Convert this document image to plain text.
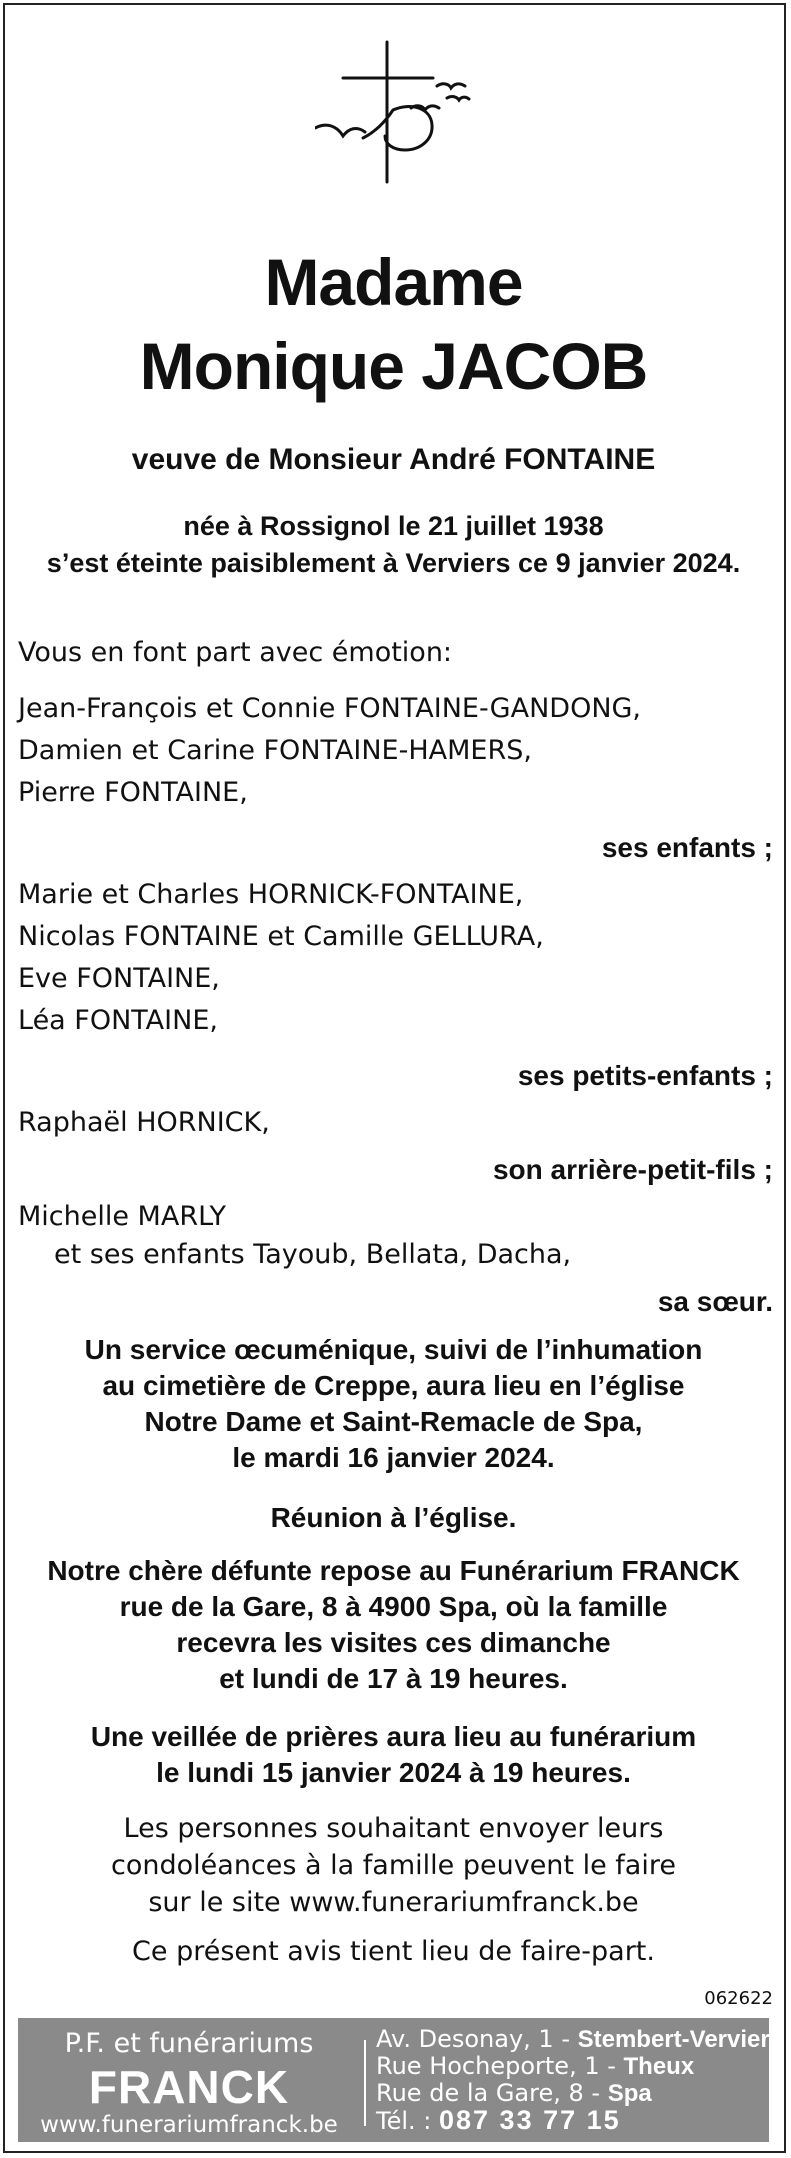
Madame
Monique JACOB
veuve de Monsieur André FONTAINE
née à Rossignol le 21 juillet 1938
s’est éteinte paisiblement à Verviers ce 9 janvier 2024.
Vous en font part avec émotion:
Jean-François et Connie FONTAINE-GANDONG,
Damien et Carine FONTAINE-HAMERS,
Pierre FONTAINE,
ses enfants ;
Marie et Charles HORNICK-FONTAINE,
Nicolas FONTAINE et Camille GELLURA,
Eve FONTAINE,
Léa FONTAINE,
ses petits-enfants ;
Raphaël HORNICK,
son arrière-petit-fils ;
Michelle MARLY
et ses enfants Tayoub, Bellata, Dacha,
sa sœur.
Un service œcuménique, suivi de l’inhumation
au cimetière de Creppe, aura lieu en l’église
Notre Dame et Saint-Remacle de Spa,
le mardi 16 janvier 2024.
Réunion à l’église.
Notre chère défunte repose au Funérarium FRANCK
rue de la Gare, 8 à 4900 Spa, où la famille
recevra les visites ces dimanche
et lundi de 17 à 19 heures.
Une veillée de prières aura lieu au funérarium
le lundi 15 janvier 2024 à 19 heures.
Les personnes souhaitant envoyer leurs
condoléances à la famille peuvent le faire
sur le site www.funerariumfranck.be
Ce présent avis tient lieu de faire-part.
062622
P.F. et funérariums
FRANCK
www.funerariumfranck.be
Av. Desonay, 1 - Stembert-Verviers
Rue Hocheporte, 1 - Theux
Rue de la Gare, 8 - Spa
Tél. : 087 33 77 15
